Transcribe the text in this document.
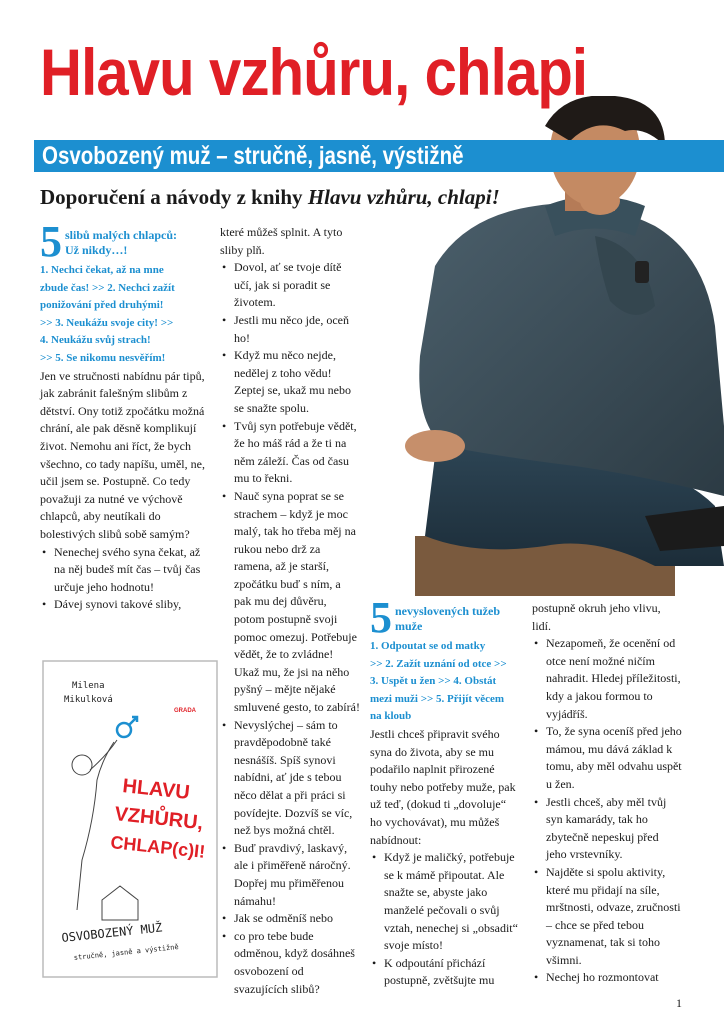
Hlavu vzhůru, chlapi

Osvobozený muž – stručně, jasně, výstižně

Doporučení a návody z knihy Hlavu vzhůru, chlapi!

5 slibů malých chlapců:
Už nikdy…!

1. Nechci čekat, až na mne
zbude čas! >> 2. Nechci zažít
ponižování před druhými!
>> 3. Neukážu svoje city! >>
4. Neukážu svůj strach!
>> 5. Se nikomu nesvěřím!

Jen ve stručnosti nabídnu pár tipů, jak zabránit falešným slibům z dětství. Ony totiž zpočátku možná chrání, ale pak děsně komplikují život. Nemohu ani říct, že bych všechno, co tady napíšu, uměl, ne, učil jsem se. Postupně. Co tedy považuji za nutné ve výchově chlapců, aby neutíkali do bolestivých slibů sobě samým?

• Nenechej svého syna čekat, až na něj budeš mít čas – tvůj čas určuje jeho hodnotu!
• Dávej synovi takové sliby,

které můžeš splnit. A tyto sliby plň.

• Dovol, ať se tvoje dítě učí, jak si poradit se životem.
• Jestli mu něco jde, oceň ho!
• Když mu něco nejde, nedělej z toho vědu! Zeptej se, ukaž mu nebo se snažte spolu.
• Tvůj syn potřebuje vědět, že ho máš rád a že ti na něm záleží. Čas od času mu to řekni.
• Nauč syna poprat se se strachem – když je moc malý, tak ho třeba měj na rukou nebo drž za ramena, až je starší, zpočátku buď s ním, a pak mu dej důvěru, potom postupně svoji pomoc omezuj. Potřebuje vědět, že to zvládne! Ukaž mu, že jsi na něho pyšný – mějte nějaké smluvené gesto, to zabírá!
• Nevyslýchej – sám to pravděpodobně také nesnášíš. Spíš synovi nabídni, ať jde s tebou něco dělat a při práci si povídejte. Dozvíš se víc, než bys možná chtěl.
• Buď pravdivý, laskavý, ale i přiměřeně náročný. Dopřej mu přiměřenou námahu!
• Jak se odměníš nebo
• co pro tebe bude odměnou, když dosáhneš osvobození od svazujících slibů?
Milena
Mikulková
GRADA
HLAVU
VZHŮRU,
CHLAP(c)I!
OSVOBOZENÝ MUŽ
stručně, jasně a výstižně
5 nevyslovených tužeb
muže

1. Odpoutat se od matky
>> 2. Zažít uznání od otce >>
3. Uspět u žen >> 4. Obstát
mezi muži >> 5. Přijít věcem
na kloub

Jestli chceš připravit svého syna do života, aby se mu podařilo naplnit přirozené touhy nebo potřeby muže, pak už teď, (dokud ti „dovoluje“ ho vychovávat), mu můžeš nabídnout:

• Když je maličký, potřebuje se k mámě připoutat. Ale snažte se, abyste jako manželé pečovali o svůj vztah, nenechej si „obsadit“ svoje místo!
• K odpoutání přichází postupně, zvětšujte mu

postupně okruh jeho vlivu, lidí.

• Nezapomeň, že ocenění od otce není možné ničím nahradit. Hledej příležitosti, kdy a jakou formou to vyjádříš.
• To, že syna oceníš před jeho mámou, mu dává základ k tomu, aby měl odvahu uspět u žen.
• Jestli chceš, aby měl tvůj syn kamarády, tak ho zbytečně nepeskuj před jeho vrstevníky.
• Najděte si spolu aktivity, které mu přidají na síle, mrštnosti, odvaze, zručnosti – chce se před tebou vyznamenat, tak si toho všimni.
• Nechej ho rozmontovat

1
